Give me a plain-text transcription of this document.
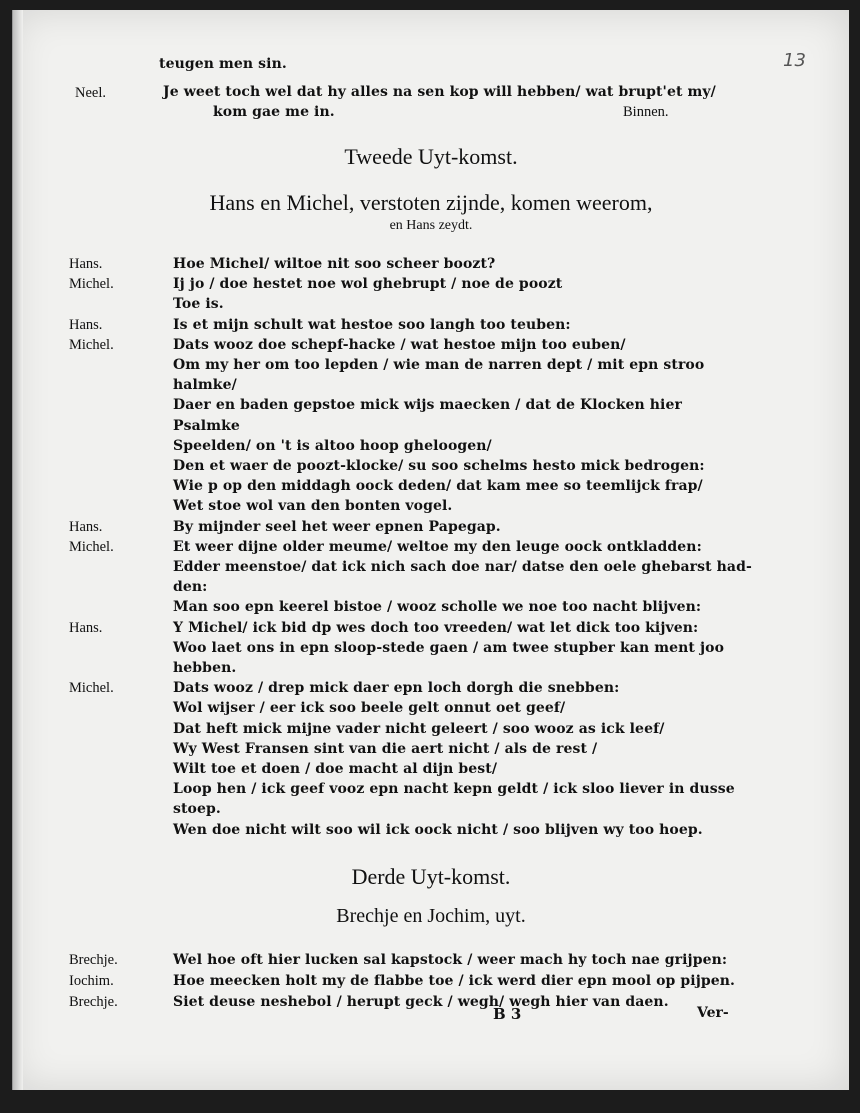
13
teugen men sin.
Neel.	Je weet toch wel dat hy alles na sen kop will hebben/ wat brupt'et my/
kom gae me in.	Binnen.
Tweede Uyt-komst.
Hans en Michel, verstoten zijnde, komen weerom,
en Hans zeydt.
Hans.	Hoe Michel/ wiltoe nit soo scheer boozt?
Michel.	Ij jo / doe hestet noe wol ghebrupt / noe de poozt
Toe is.
Hans.	Is et mijn schult wat hestoe soo langh too teuben:
Michel.	Dats wooz doe schepf-hacke / wat hestoe mijn too euben/
Om my her om too lepden / wie man de narren dept / mit epn stroo
halmke/
Daer en baden gepstoe mick wijs maecken / dat de Klocken hier
Psalmke
Speelden/ on 't is altoo hoop gheloogen/
Den et waer de poozt-klocke/ su soo schelms hesto mick bedrogen:
Wie p op den middagh oock deden/ dat kam mee so teemlijck frap/
Wet stoe wol van den bonten vogel.
Hans.	By mijnder seel het weer epnen Papegap.
Michel.	Et weer dijne older meume/ weltoe my den leuge oock ontkladden:
Edder meenstoe/ dat ick nich sach doe nar/ datse den oele ghebarst had-
den:
Man soo epn keerel bistoe / wooz scholle we noe too nacht blijven:
Hans.	Y Michel/ ick bid dp wes doch too vreeden/ wat let dick too kijven:
Woo laet ons in epn sloop-stede gaen / am twee stupber kan ment joo
hebben.
Michel.	Dats wooz / drep mick daer epn loch dorgh die snebben:
Wol wijser / eer ick soo beele gelt onnut oet geef/
Dat heft mick mijne vader nicht geleert / soo wooz as ick leef/
Wy West Fransen sint van die aert nicht / als de rest /
Wilt toe et doen / doe macht al dijn best/
Loop hen / ick geef vooz epn nacht kepn geldt / ick sloo liever in dusse
stoep.
Wen doe nicht wilt soo wil ick oock nicht / soo blijven wy too hoep.
Derde Uyt-komst.
Brechje en Jochim, uyt.
Brechje.	Wel hoe oft hier lucken sal kapstock / weer mach hy toch nae grijpen:
Iochim.	Hoe meecken holt my de flabbe toe / ick werd dier epn mool op pijpen.
Brechje.	Siet deuse neshebol / herupt geck / wegh/ wegh hier van daen.
B 3	Ver-
